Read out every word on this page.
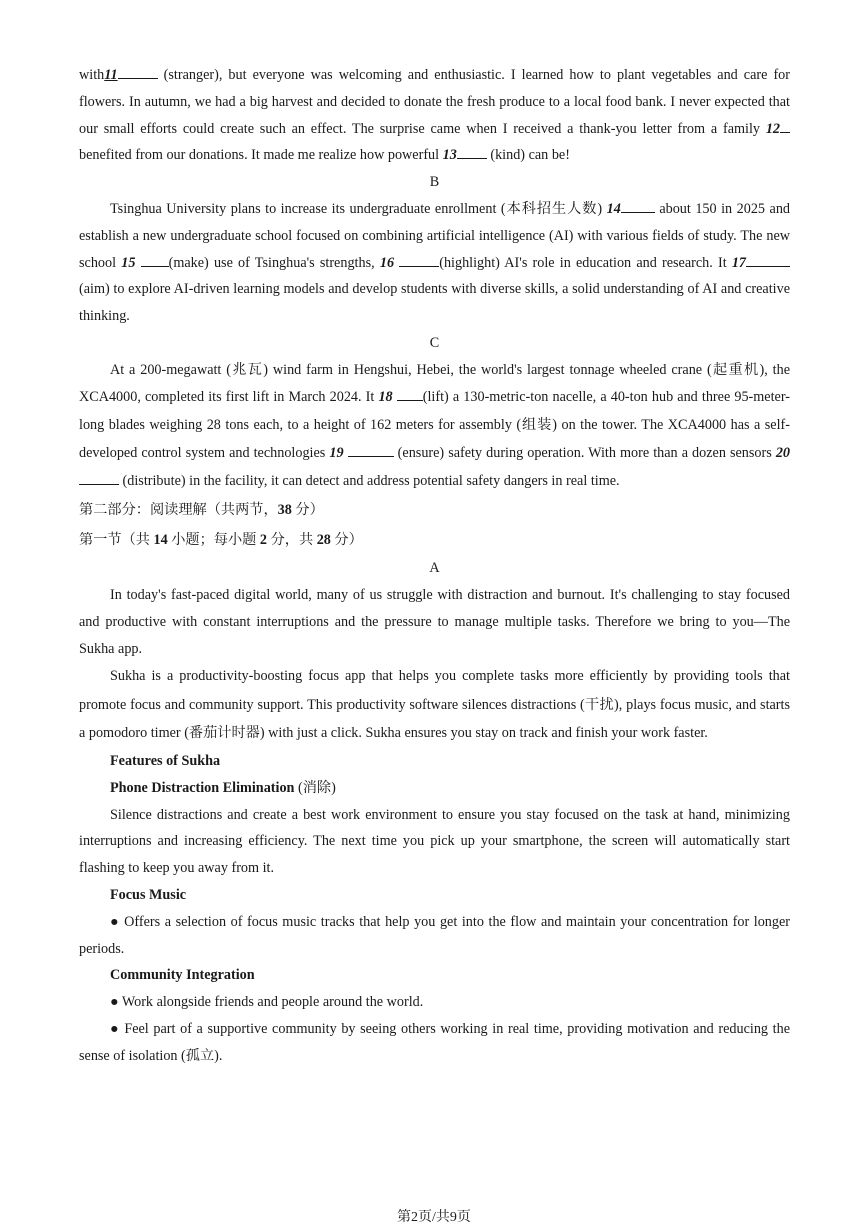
with11	(stranger), but everyone was welcoming and enthusiastic. I learned how to plant vegetables and care for flowers. In autumn, we had a big harvest and decided to donate the fresh produce to a local food bank. I never expected that our small efforts could create such an effect. The surprise came when I received a thank-you letter from a family 12 benefited from our donations. It made me realize how powerful 13 (kind) can be!

B

Tsinghua University plans to increase its undergraduate enrollment (本科招生人数) 14	about 150 in 2025 and establish a new undergraduate school focused on combining artificial intelligence (AI) with various fields of study. The new school 15 (make) use of Tsinghua's strengths, 16	(highlight) AI's role in education and research. It 17(aim) to explore AI-driven learning models and develop students with diverse skills, a solid understanding of AI and creative thinking.

C

At a 200-megawatt (兆瓦) wind farm in Hengshui, Hebei, the world's largest tonnage wheeled crane (起重机), the XCA4000, completed its first lift in March 2024. It 18 (lift) a 130-metric-ton nacelle, a 40-ton hub and three 95-meter-long blades weighing 28 tons each, to a height of 162 meters for assembly (组装) on the tower. The XCA4000 has a self-developed control system and technologies 19	(ensure) safety during operation. With more than a dozen sensors 20  (distribute) in the facility, it can detect and address potential safety dangers in real time.

第二部分：阅读理解（共两节，38 分）

第一节（共 14 小题；每小题 2 分，共 28 分）

A

In today's fast-paced digital world, many of us struggle with distraction and burnout. It's challenging to stay focused and productive with constant interruptions and the pressure to manage multiple tasks. Therefore we bring to you—The Sukha app.

Sukha is a productivity-boosting focus app that helps you complete tasks more efficiently by providing tools that promote focus and community support. This productivity software silences distractions (干扰), plays focus music, and starts a pomodoro timer (番茄计时器) with just a click. Sukha ensures you stay on track and finish your work faster.

Features of Sukha

Phone Distraction Elimination (消除)

Silence distractions and create a best work environment to ensure you stay focused on the task at hand, minimizing interruptions and increasing efficiency. The next time you pick up your smartphone, the screen will automatically start flashing to keep you away from it.

Focus Music

● Offers a selection of focus music tracks that help you get into the flow and maintain your concentration for longer periods.

Community Integration

● Work alongside friends and people around the world.

● Feel part of a supportive community by seeing others working in real time, providing motivation and reducing the sense of isolation (孤立).

第2页/共9页
